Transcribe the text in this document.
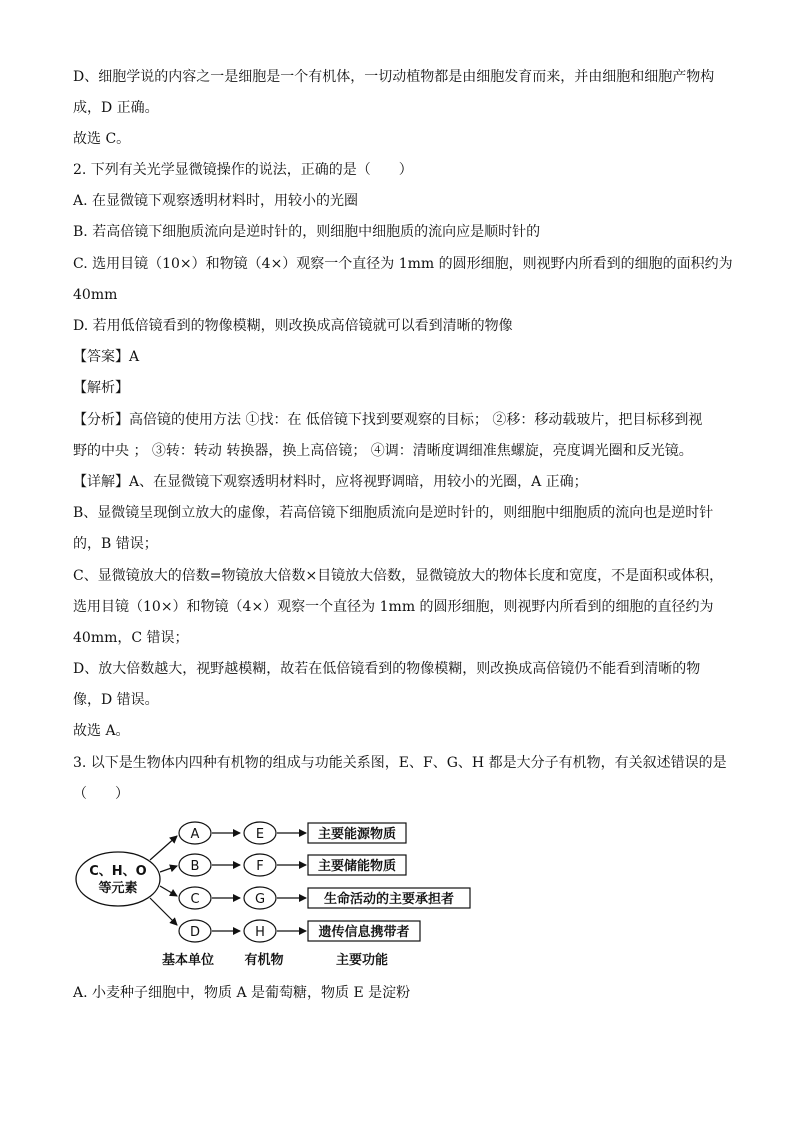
D、细胞学说的内容之一是细胞是一个有机体，一切动植物都是由细胞发育而来，并由细胞和细胞产物构
成，D 正确。
故选 C。
2. 下列有关光学显微镜操作的说法，正确的是（　　）
A. 在显微镜下观察透明材料时，用较小的光圈
B. 若高倍镜下细胞质流向是逆时针的，则细胞中细胞质的流向应是顺时针的
C. 选用目镜（10×）和物镜（4×）观察一个直径为 1mm 的圆形细胞，则视野内所看到的细胞的面积约为
40mm
D. 若用低倍镜看到的物像模糊，则改换成高倍镜就可以看到清晰的物像
【答案】A
【解析】
【分析】高倍镜的使用方法 ①找：在 低倍镜下找到要观察的目标； ②移：移动载玻片，把目标移到视
野的中央 ； ③转：转动 转换器，换上高倍镜； ④调：清晰度调细准焦螺旋，亮度调光圈和反光镜。
【详解】A、在显微镜下观察透明材料时，应将视野调暗，用较小的光圈，A 正确；
B、显微镜呈现倒立放大的虚像，若高倍镜下细胞质流向是逆时针的，则细胞中细胞质的流向也是逆时针
的，B 错误；
C、显微镜放大的倍数=物镜放大倍数×目镜放大倍数，显微镜放大的物体长度和宽度，不是面积或体积，
选用目镜（10×）和物镜（4×）观察一个直径为 1mm 的圆形细胞，则视野内所看到的细胞的直径约为
40mm，C 错误；
D、放大倍数越大，视野越模糊，故若在低倍镜看到的物像模糊，则改换成高倍镜仍不能看到清晰的物
像，D 错误。
故选 A。
3. 以下是生物体内四种有机物的组成与功能关系图，E、F、G、H 都是大分子有机物，有关叙述错误的是
（　　）
C、H、O
等元素
A	E	主要能源物质
B	F	主要储能物质
C	G	生命活动的主要承担者
D	H	遗传信息携带者
基本单位 有机物	主要功能
A. 小麦种子细胞中，物质 A 是葡萄糖，物质 E 是淀粉
